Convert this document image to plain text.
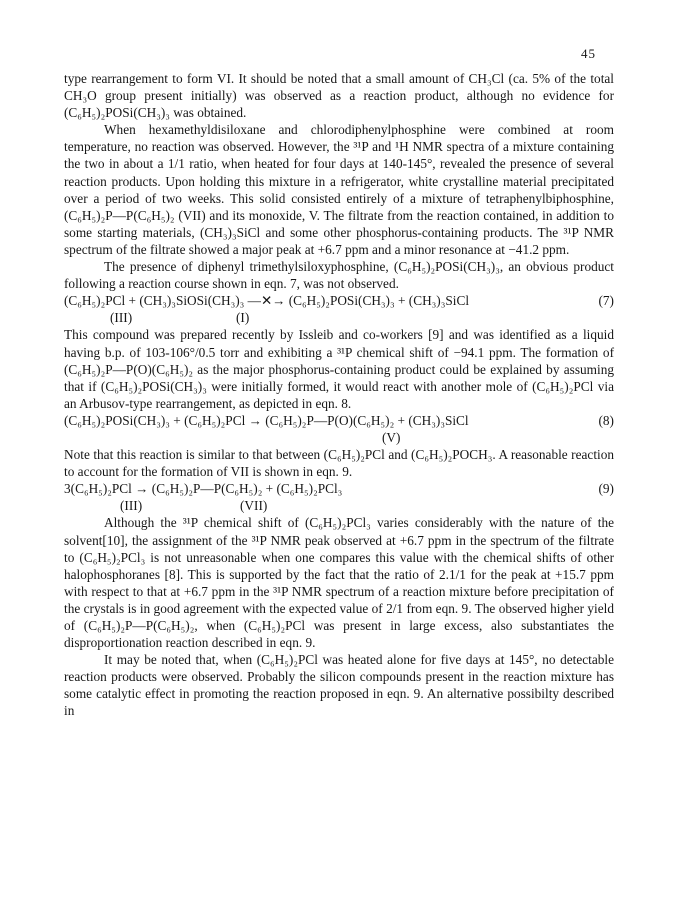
45

type rearrangement to form VI. It should be noted that a small amount of CH₃Cl (ca. 5% of the total CH₃O group present initially) was observed as a reaction product, although no evidence for (C₆H₅)₂POSi(CH₃)₃ was obtained.

When hexamethyldisiloxane and chlorodiphenylphosphine were combined at room temperature, no reaction was observed. However, the ³¹P and ¹H NMR spectra of a mixture containing the two in about a 1/1 ratio, when heated for four days at 140-145°, revealed the presence of several reaction products. Upon holding this mixture in a refrigerator, white crystalline material precipitated over a period of two weeks. This solid consisted entirely of a mixture of tetraphenylbiphosphine, (C₆H₅)₂P—P(C₆H₅)₂ (VII) and its monoxide, V. The filtrate from the reaction contained, in addition to some starting materials, (CH₃)₃SiCl and some other phosphorus-containing products. The ³¹P NMR spectrum of the filtrate showed a major peak at +6.7 ppm and a minor resonance at −41.2 ppm.

The presence of diphenyl trimethylsiloxyphosphine, (C₆H₅)₂POSi(CH₃)₃, an obvious product following a reaction course shown in eqn. 7, was not observed.

(C₆H₅)₂PCl + (CH₃)₃SiOSi(CH₃)₃ —✕→ (C₆H₅)₂POSi(CH₃)₃ + (CH₃)₃SiCl	(7)
(III)	(I)

This compound was prepared recently by Issleib and co-workers [9] and was identified as a liquid having b.p. of 103-106°/0.5 torr and exhibiting a ³¹P chemical shift of −94.1 ppm. The formation of (C₆H₅)₂P—P(O)(C₆H₅)₂ as the major phosphorus-containing product could be explained by assuming that if (C₆H₅)₂POSi(CH₃)₃ were initially formed, it would react with another mole of (C₆H₅)₂PCl via an Arbusov-type rearrangement, as depicted in eqn. 8.

(C₆H₅)₂POSi(CH₃)₃ + (C₆H₅)₂PCl → (C₆H₅)₂P—P(O)(C₆H₅)₂ + (CH₃)₃SiCl	(8)
(V)

Note that this reaction is similar to that between (C₆H₅)₂PCl and (C₆H₅)₂POCH₃. A reasonable reaction to account for the formation of VII is shown in eqn. 9.

3(C₆H₅)₂PCl → (C₆H₅)₂P—P(C₆H₅)₂ + (C₆H₅)₂PCl₃	(9)
(III)	(VII)

Although the ³¹P chemical shift of (C₆H₅)₂PCl₃ varies considerably with the nature of the solvent[10], the assignment of the ³¹P NMR peak observed at +6.7 ppm in the spectrum of the filtrate to (C₆H₅)₂PCl₃ is not unreasonable when one compares this value with the chemical shifts of other halophosphoranes [8]. This is supported by the fact that the ratio of 2.1/1 for the peak at +15.7 ppm with respect to that at +6.7 ppm in the ³¹P NMR spectrum of a reaction mixture before precipitation of the crystals is in good agreement with the expected value of 2/1 from eqn. 9. The observed higher yield of (C₆H₅)₂P—P(C₆H₅)₂, when (C₆H₅)₂PCl was present in large excess, also substantiates the disproportionation reaction described in eqn. 9.

It may be noted that, when (C₆H₅)₂PCl was heated alone for five days at 145°, no detectable reaction products were observed. Probably the silicon compounds present in the reaction mixture has some catalytic effect in promoting the reaction proposed in eqn. 9. An alternative possibilty described in
